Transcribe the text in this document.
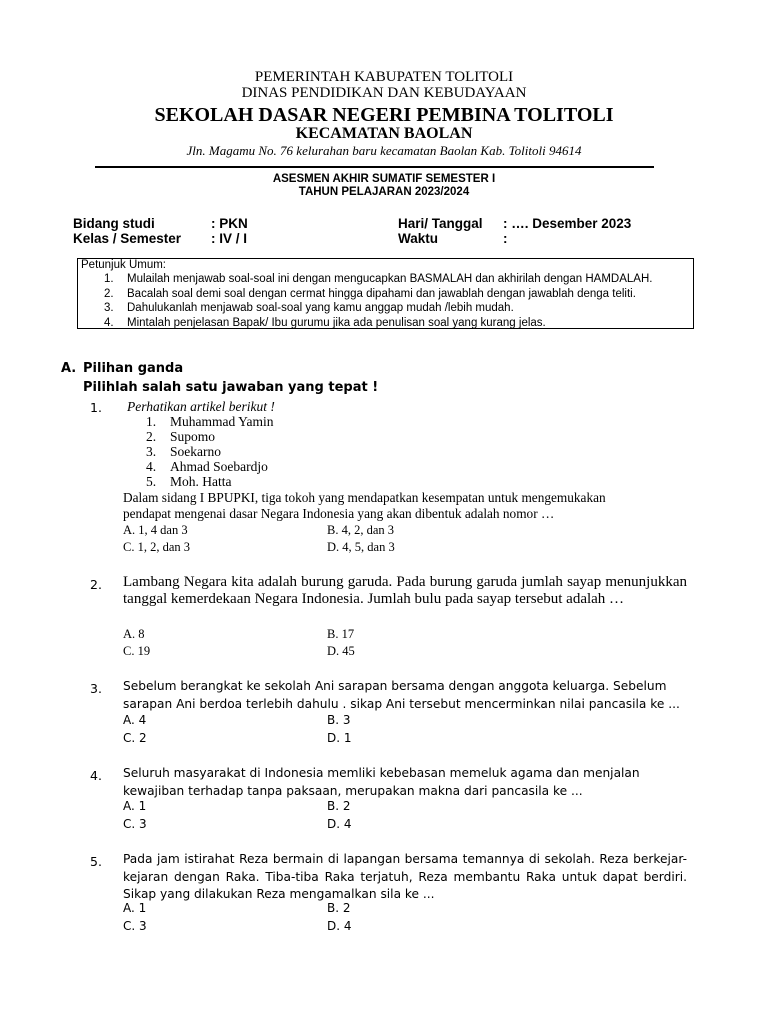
PEMERINTAH KABUPATEN TOLITOLI
DINAS PENDIDIKAN DAN KEBUDAYAAN
SEKOLAH DASAR NEGERI PEMBINA TOLITOLI
KECAMATAN BAOLAN
Jln. Magamu No. 76 kelurahan baru kecamatan Baolan Kab. Tolitoli 94614
ASESMEN AKHIR SUMATIF SEMESTER I
TAHUN PELAJARAN 2023/2024
Bidang studi	: PKN	Hari/ Tanggal : …. Desember 2023
Kelas / Semester : IV / I	Waktu	:
Petunjuk Umum:
1. Mulailah menjawab soal-soal ini dengan mengucapkan BASMALAH dan akhirilah dengan HAMDALAH.
2. Bacalah soal demi soal dengan cermat hingga dipahami dan jawablah dengan jawablah denga teliti.
3. Dahulukanlah menjawab soal-soal yang kamu anggap mudah /lebih mudah.
4. Mintalah penjelasan Bapak/ Ibu gurumu jika ada penulisan soal yang kurang jelas.
A. Pilihan ganda
Pilihlah salah satu jawaban yang tepat !
1. Perhatikan artikel berikut !
1. Muhammad Yamin
2. Supomo
3. Soekarno
4. Ahmad Soebardjo
5. Moh. Hatta
Dalam sidang I BPUPKI, tiga tokoh yang mendapatkan kesempatan untuk mengemukakan pendapat mengenai dasar Negara Indonesia yang akan dibentuk adalah nomor …
A. 1, 4 dan 3	B. 4, 2, dan 3
C. 1, 2, dan 3	D. 4, 5, dan 3
2. Lambang Negara kita adalah burung garuda. Pada burung garuda jumlah sayap menunjukkan tanggal kemerdekaan Negara Indonesia. Jumlah bulu pada sayap tersebut adalah …
A. 8	B. 17
C. 19	D. 45
3. Sebelum berangkat ke sekolah Ani sarapan bersama dengan anggota keluarga. Sebelum sarapan Ani berdoa terlebih dahulu . sikap Ani tersebut mencerminkan nilai pancasila ke ...
A. 4	B. 3
C. 2	D. 1
4. Seluruh masyarakat di Indonesia memliki kebebasan memeluk agama dan menjalan kewajiban terhadap tanpa paksaan, merupakan makna dari pancasila ke ...
A. 1	B. 2
C. 3	D. 4
5. Pada jam istirahat Reza bermain di lapangan bersama temannya di sekolah. Reza berkejar-kejaran dengan Raka. Tiba-tiba Raka terjatuh, Reza membantu Raka untuk dapat berdiri. Sikap yang dilakukan Reza mengamalkan sila ke ...
A. 1	B. 2
C. 3	D. 4
